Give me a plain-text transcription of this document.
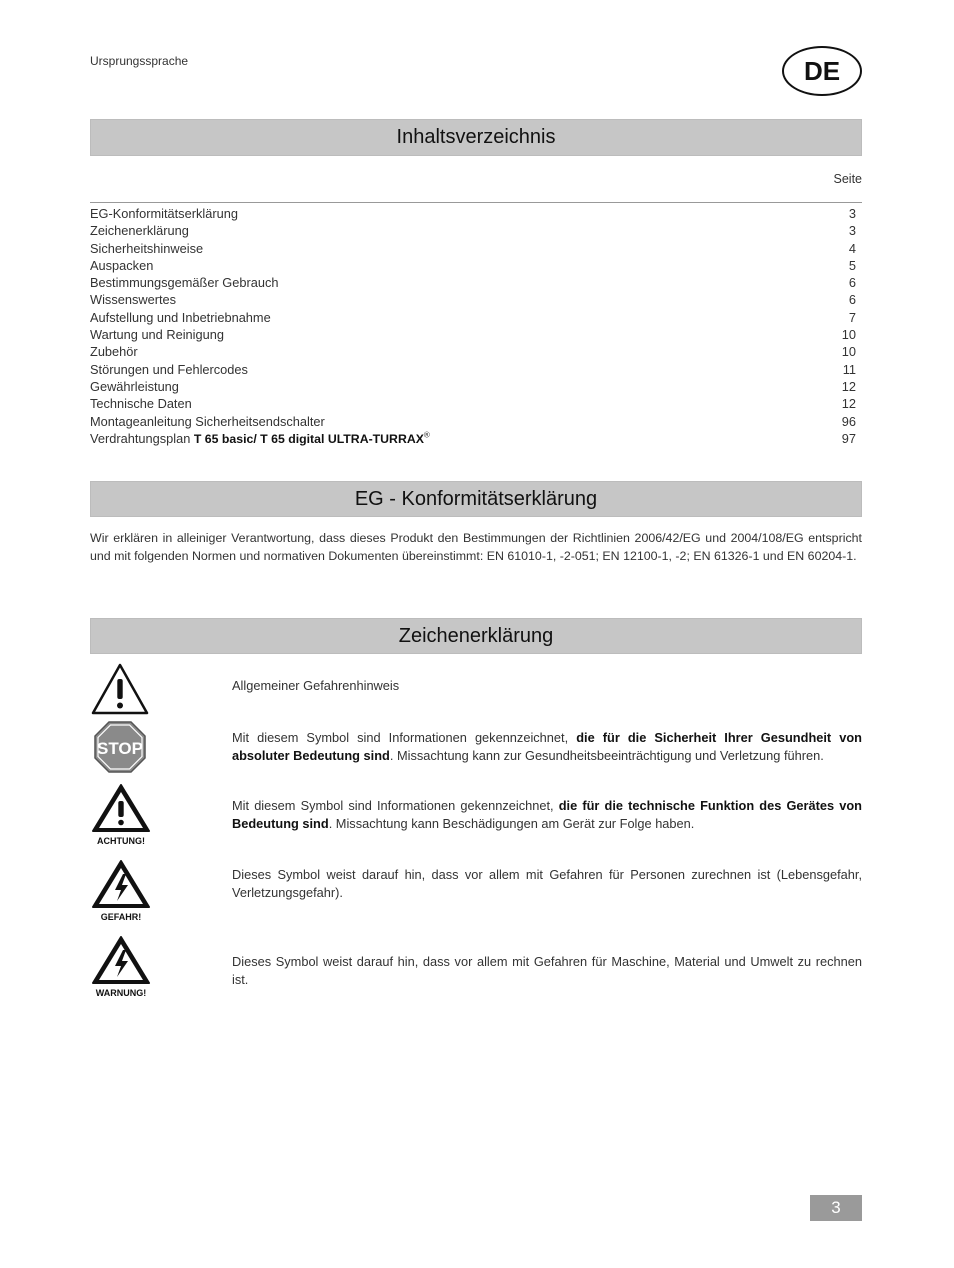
Ursprungssprache	DE
Inhaltsverzeichnis
Seite
EG-Konformitätserklärung	3
Zeichenerklärung	3
Sicherheitshinweise	4
Auspacken	5
Bestimmungsgemäßer Gebrauch	6
Wissenswertes	6
Aufstellung und Inbetriebnahme	7
Wartung und Reinigung	10
Zubehör	10
Störungen und Fehlercodes	11
Gewährleistung	12
Technische Daten	12
Montageanleitung Sicherheitsendschalter	96
Verdrahtungsplan T 65 basic/ T 65 digital ULTRA-TURRAX®	97
EG - Konformitätserklärung

Wir erklären in alleiniger Verantwortung, dass dieses Produkt den Bestimmungen der Richtlinien 2006/42/EG und 2004/108/EG entspricht und mit folgenden Normen und normativen Dokumenten übereinstimmt: EN 61010-1, -2-051; EN 12100-1, -2; EN 61326-1 und EN 60204-1.

Zeichenerklärung

Allgemeiner Gefahrenhinweis

STOP

Mit diesem Symbol sind Informationen gekennzeichnet, die für die Sicherheit Ihrer Gesundheit von absoluter Bedeutung sind. Missachtung kann zur Gesundheitsbeeinträchtigung und Verletzung führen.

ACHTUNG!

Mit diesem Symbol sind Informationen gekennzeichnet, die für die technische Funktion des Gerätes von Bedeutung sind. Missachtung kann Beschädigungen am Gerät zur Folge haben.

GEFAHR!

Dieses Symbol weist darauf hin, dass vor allem mit Gefahren für Personen zurechnen ist (Lebensgefahr, Verletzungsgefahr).

WARNUNG!

Dieses Symbol weist darauf hin, dass vor allem mit Gefahren für Maschine, Material und Umwelt zu rechnen ist.

3
